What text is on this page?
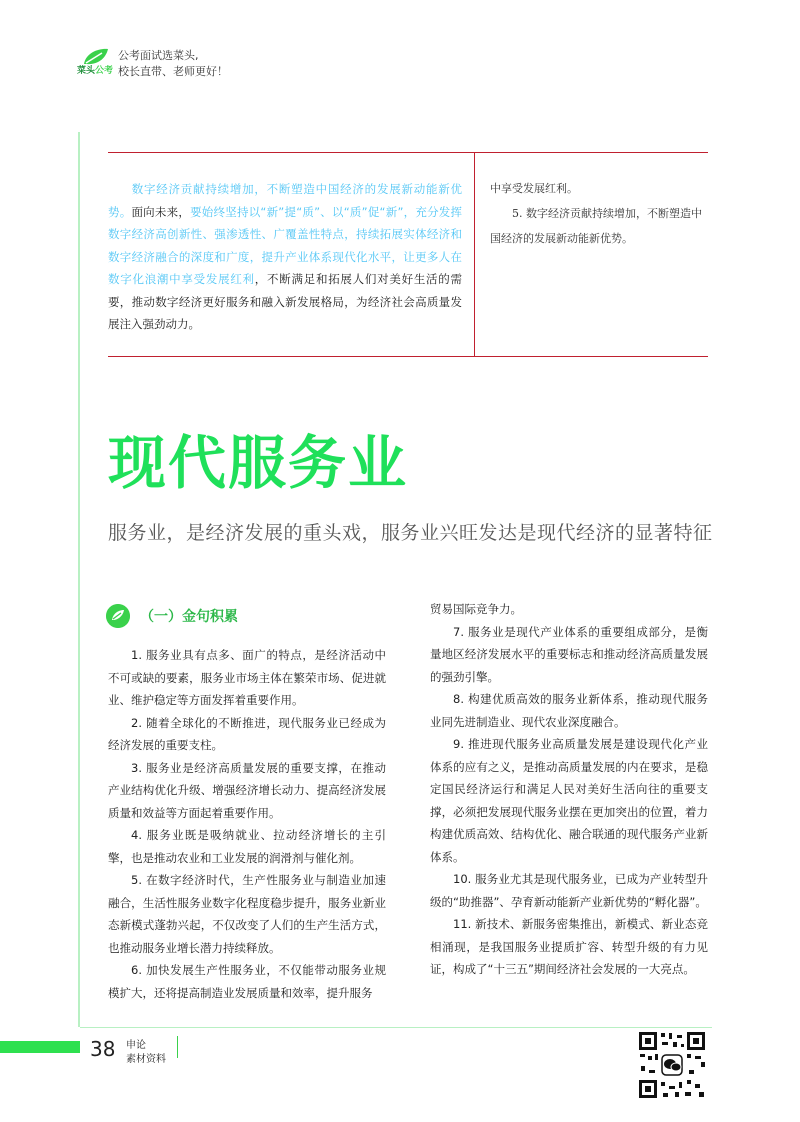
菜头公考
公考面试选菜头,
校长直带、老师更好！

  数字经济贡献持续增加，不断塑造中国经济的发展新动能新优势。面向未来，要始终坚持以“新”提“质”、以“质”促“新”，充分发挥数字经济高创新性、强渗透性、广覆盖性特点，持续拓展实体经济和数字经济融合的深度和广度，提升产业体系现代化水平，让更多人在数字化浪潮中享受发展红利，不断满足和拓展人们对美好生活的需要，推动数字经济更好服务和融入新发展格局，为经济社会高质量发展注入强劲动力。

中享受发展红利。

5. 数字经济贡献持续增加，不断塑造中国经济的发展新动能新优势。

现代服务业
服务业，是经济发展的重头戏，服务业兴旺发达是现代经济的显著特征
（一）金句积累

1. 服务业具有点多、面广的特点，是经济活动中不可或缺的要素，服务业市场主体在繁荣市场、促进就业、维护稳定等方面发挥着重要作用。

2. 随着全球化的不断推进，现代服务业已经成为经济发展的重要支柱。

3. 服务业是经济高质量发展的重要支撑，在推动产业结构优化升级、增强经济增长动力、提高经济发展质量和效益等方面起着重要作用。

4. 服务业既是吸纳就业、拉动经济增长的主引擎，也是推动农业和工业发展的润滑剂与催化剂。

5. 在数字经济时代，生产性服务业与制造业加速融合，生活性服务业数字化程度稳步提升，服务业新业态新模式蓬勃兴起，不仅改变了人们的生产生活方式，也推动服务业增长潜力持续释放。

6. 加快发展生产性服务业，不仅能带动服务业规模扩大，还将提高制造业发展质量和效率，提升服务

贸易国际竞争力。

7. 服务业是现代产业体系的重要组成部分，是衡量地区经济发展水平的重要标志和推动经济高质量发展的强劲引擎。

8. 构建优质高效的服务业新体系，推动现代服务业同先进制造业、现代农业深度融合。

9. 推进现代服务业高质量发展是建设现代化产业体系的应有之义，是推动高质量发展的内在要求，是稳定国民经济运行和满足人民对美好生活向往的重要支撑，必须把发展现代服务业摆在更加突出的位置，着力构建优质高效、结构优化、融合联通的现代服务产业新体系。

10. 服务业尤其是现代服务业，已成为产业转型升级的“助推器”、孕育新动能新产业新优势的“孵化器”。

11. 新技术、新服务密集推出，新模式、新业态竞相涌现，是我国服务业提质扩容、转型升级的有力见证，构成了“十三五”期间经济社会发展的一大亮点。

38 申论
素材资料
